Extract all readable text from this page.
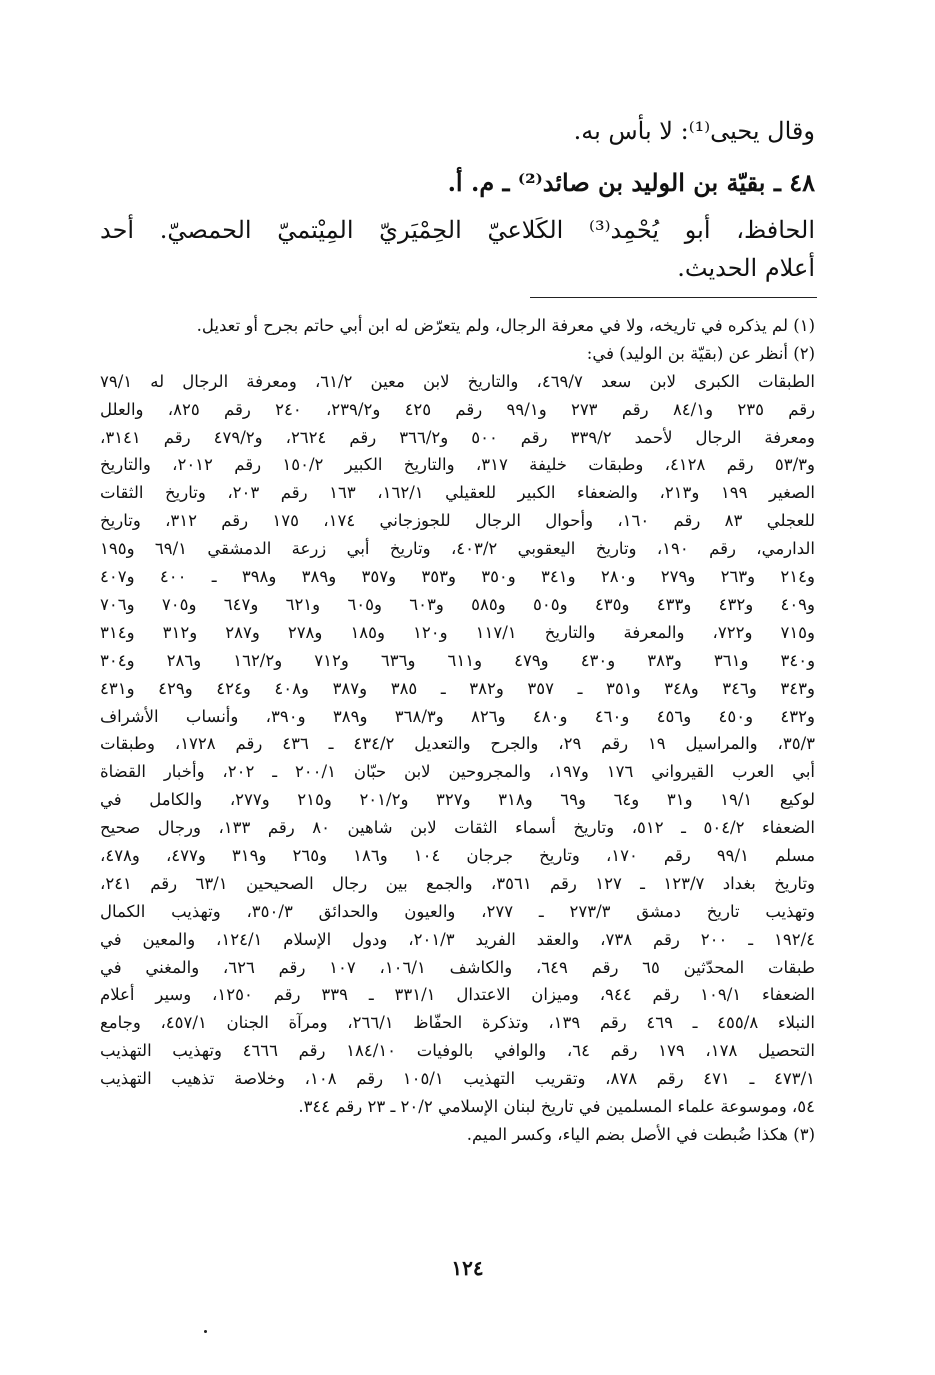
وقال يحيى⁽¹⁾: لا بأس به.
٤٨ ـ بقيّة بن الوليد بن صائد⁽²⁾ ـ م. أ.
الحافظ، أبو يُحْمِد⁽³⁾ الكَلاعيّ الحِمْيَريّ المِيْتميّ الحمصيّ. أحد
أعلام الحديث.
(١) لم يذكره في تاريخه، ولا في معرفة الرجال، ولم يتعرّض له ابن أبي حاتم بجرح أو تعديل.
(٢) أنظر عن (بقيّة بن الوليد) في:
الطبقات الكبرى لابن سعد ٤٦٩/٧، والتاريخ لابن معين ٦١/٢، ومعرفة الرجال له ٧٩/١
رقم ٢٣٥ و٨٤/١ رقم ٢٧٣ و٩٩/١ رقم ٤٢٥ و٢٣٩/٢، ٢٤٠ رقم ٨٢٥، والعلل
ومعرفة الرجال لأحمد ٣٣٩/٢ رقم ٥٠٠ و٣٦٦/٢ رقم ٢٦٢٤، و٤٧٩/٢ رقم ٣١٤١،
و٥٣/٣ رقم ٤١٢٨، وطبقات خليفة ٣١٧، والتاريخ الكبير ١٥٠/٢ رقم ٢٠١٢، والتاريخ
الصغير ١٩٩ و٢١٣، والضعفاء الكبير للعقيلي ١٦٢/١، ١٦٣ رقم ٢٠٣، وتاريخ الثقات
للعجلي ٨٣ رقم ١٦٠، وأحوال الرجال للجوزجاني ١٧٤، ١٧٥ رقم ٣١٢، وتاريخ
الدارمي، رقم ١٩٠، وتاريخ اليعقوبي ٤٠٣/٢، وتاريخ أبي زرعة الدمشقي ٦٩/١ و١٩٥
و٢١٤ و٢٦٣ و٢٧٩ و٢٨٠ و٣٤١ و٣٥٠ و٣٥٣ و٣٥٧ و٣٨٩ و٣٩٨ ـ ٤٠٠ و٤٠٧
و٤٠٩ و٤٣٢ و٤٣٣ و٤٣٥ و٥٠٥ و٥٨٥ و٦٠٣ و٦٠٥ و٦٢١ و٦٤٧ و٧٠٥ و٧٠٦
و٧١٥ و٧٢٢، والمعرفة والتاريخ ١١٧/١ و١٢٠ و١٨٥ و٢٧٨ و٢٨٧ و٣١٢ و٣١٤
و٣٤٠ و٣٦١ و٣٨٣ و٤٣٠ و٤٧٩ و٦١١ و٦٣٦ و٧١٢ و١٦٢/٢ و٢٨٦ و٣٠٤
و٣٤٣ و٣٤٦ و٣٤٨ و٣٥١ ـ ٣٥٧ و٣٨٢ ـ ٣٨٥ و٣٨٧ و٤٠٨ و٤٢٤ و٤٢٩ و٤٣١
و٤٣٢ و٤٥٠ و٤٥٦ و٤٦٠ و٤٨٠ و٨٢٦ و٣٦٨/٣ و٣٨٩ و٣٩٠، وأنساب الأشراف
٣٥/٣، والمراسيل ١٩ رقم ٢٩، والجرح والتعديل ٤٣٤/٢ ـ ٤٣٦ رقم ١٧٢٨، وطبقات
أبي العرب القيرواني ١٧٦ و١٩٧، والمجروحين لابن حبّان ٢٠٠/١ ـ ٢٠٢، وأخبار القضاة
لوكيع ١٩/١ و٣١ و٦٤ و٦٩ و٣١٨ و٣٢٧ و٢٠١/٢ و٢١٥ و٢٧٧، والكامل في
الضعفاء ٥٠٤/٢ ـ ٥١٢، وتاريخ أسماء الثقات لابن شاهين ٨٠ رقم ١٣٣، ورجال صحيح
مسلم ٩٩/١ رقم ١٧٠، وتاريخ جرجان ١٠٤ و١٨٦ و٢٦٥ و٣١٩ و٤٧٧، و٤٧٨،
وتاريخ بغداد ١٢٣/٧ ـ ١٢٧ رقم ٣٥٦١، والجمع بين رجال الصحيحين ٦٣/١ رقم ٢٤١،
وتهذيب تاريخ دمشق ٢٧٣/٣ ـ ٢٧٧، والعيون والحدائق ٣٥٠/٣، وتهذيب الكمال
١٩٢/٤ ـ ٢٠٠ رقم ٧٣٨، والعقد الفريد ٢٠١/٣، ودول الإسلام ١٢٤/١، والمعين في
طبقات المحدّثين ٦٥ رقم ٦٤٩، والكاشف ١٠٦/١، ١٠٧ رقم ٦٢٦، والمغني في
الضعفاء ١٠٩/١ رقم ٩٤٤، وميزان الاعتدال ٣٣١/١ ـ ٣٣٩ رقم ١٢٥٠، وسير أعلام
النبلاء ٤٥٥/٨ ـ ٤٦٩ رقم ١٣٩، وتذكرة الحفّاظ ٢٦٦/١، ومرآة الجنان ٤٥٧/١، وجامع
التحصيل ١٧٨، ١٧٩ رقم ٦٤، والوافي بالوفيات ١٨٤/١٠ رقم ٤٦٦٦ وتهذيب التهذيب
٤٧٣/١ ـ ٤٧١ رقم ٨٧٨، وتقريب التهذيب ١٠٥/١ رقم ١٠٨، وخلاصة تذهيب التهذيب
٥٤، وموسوعة علماء المسلمين في تاريخ لبنان الإسلامي ٢٠/٢ ـ ٢٣ رقم ٣٤٤.
(٣) هكذا ضُبطت في الأصل بضم الياء، وكسر الميم.
١٢٤
